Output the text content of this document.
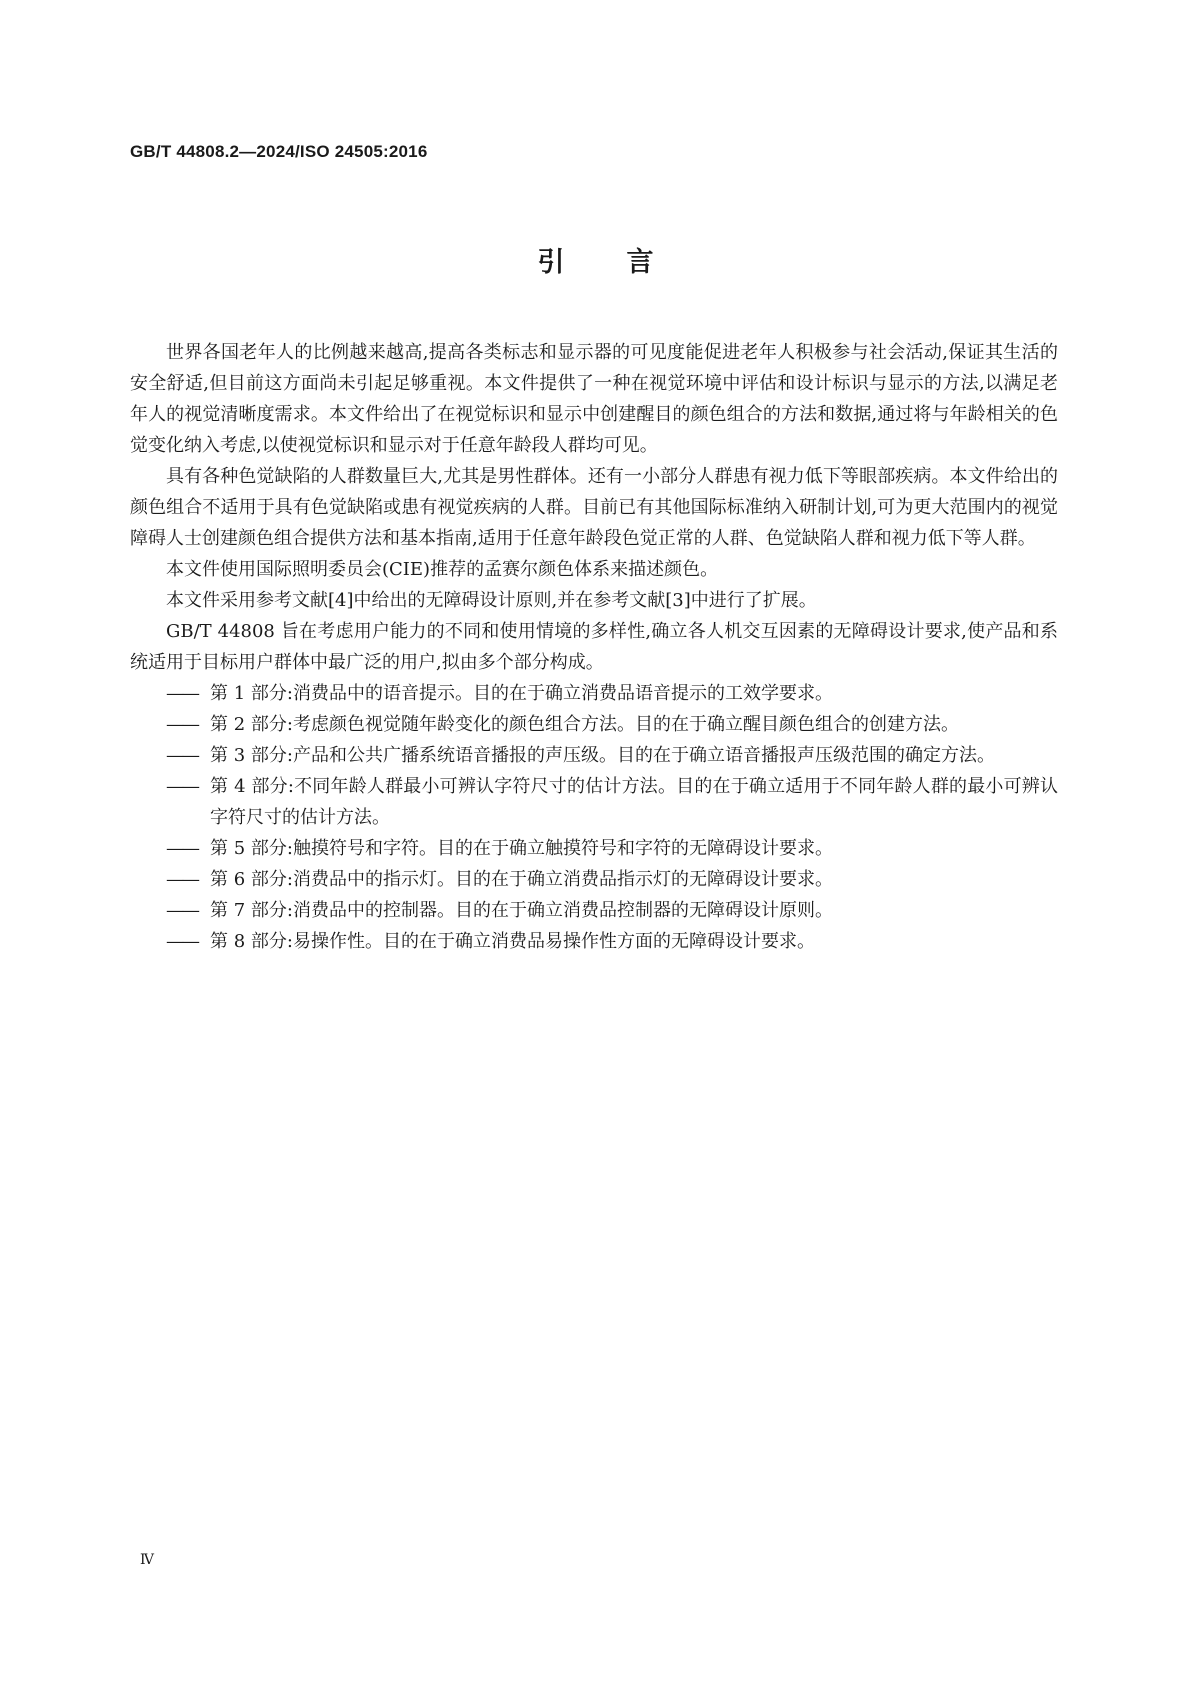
GB/T 44808.2—2024/ISO 24505:2016
引言

世界各国老年人的比例越来越高,提高各类标志和显示器的可见度能促进老年人积极参与社会活动,保证其生活的安全舒适,但目前这方面尚未引起足够重视。本文件提供了一种在视觉环境中评估和设计标识与显示的方法,以满足老年人的视觉清晰度需求。本文件给出了在视觉标识和显示中创建醒目的颜色组合的方法和数据,通过将与年龄相关的色觉变化纳入考虑,以使视觉标识和显示对于任意年龄段人群均可见。

具有各种色觉缺陷的人群数量巨大,尤其是男性群体。还有一小部分人群患有视力低下等眼部疾病。本文件给出的颜色组合不适用于具有色觉缺陷或患有视觉疾病的人群。目前已有其他国际标准纳入研制计划,可为更大范围内的视觉障碍人士创建颜色组合提供方法和基本指南,适用于任意年龄段色觉正常的人群、色觉缺陷人群和视力低下等人群。

本文件使用国际照明委员会(CIE)推荐的孟赛尔颜色体系来描述颜色。

本文件采用参考文献[4]中给出的无障碍设计原则,并在参考文献[3]中进行了扩展。

GB/T 44808 旨在考虑用户能力的不同和使用情境的多样性,确立各人机交互因素的无障碍设计要求,使产品和系统适用于目标用户群体中最广泛的用户,拟由多个部分构成。

—— 第 1 部分:消费品中的语音提示。目的在于确立消费品语音提示的工效学要求。
—— 第 2 部分:考虑颜色视觉随年龄变化的颜色组合方法。目的在于确立醒目颜色组合的创建方法。
—— 第 3 部分:产品和公共广播系统语音播报的声压级。目的在于确立语音播报声压级范围的确定方法。
—— 第 4 部分:不同年龄人群最小可辨认字符尺寸的估计方法。目的在于确立适用于不同年龄人群的最小可辨认字符尺寸的估计方法。
—— 第 5 部分:触摸符号和字符。目的在于确立触摸符号和字符的无障碍设计要求。
—— 第 6 部分:消费品中的指示灯。目的在于确立消费品指示灯的无障碍设计要求。
—— 第 7 部分:消费品中的控制器。目的在于确立消费品控制器的无障碍设计原则。
—— 第 8 部分:易操作性。目的在于确立消费品易操作性方面的无障碍设计要求。
Ⅳ
